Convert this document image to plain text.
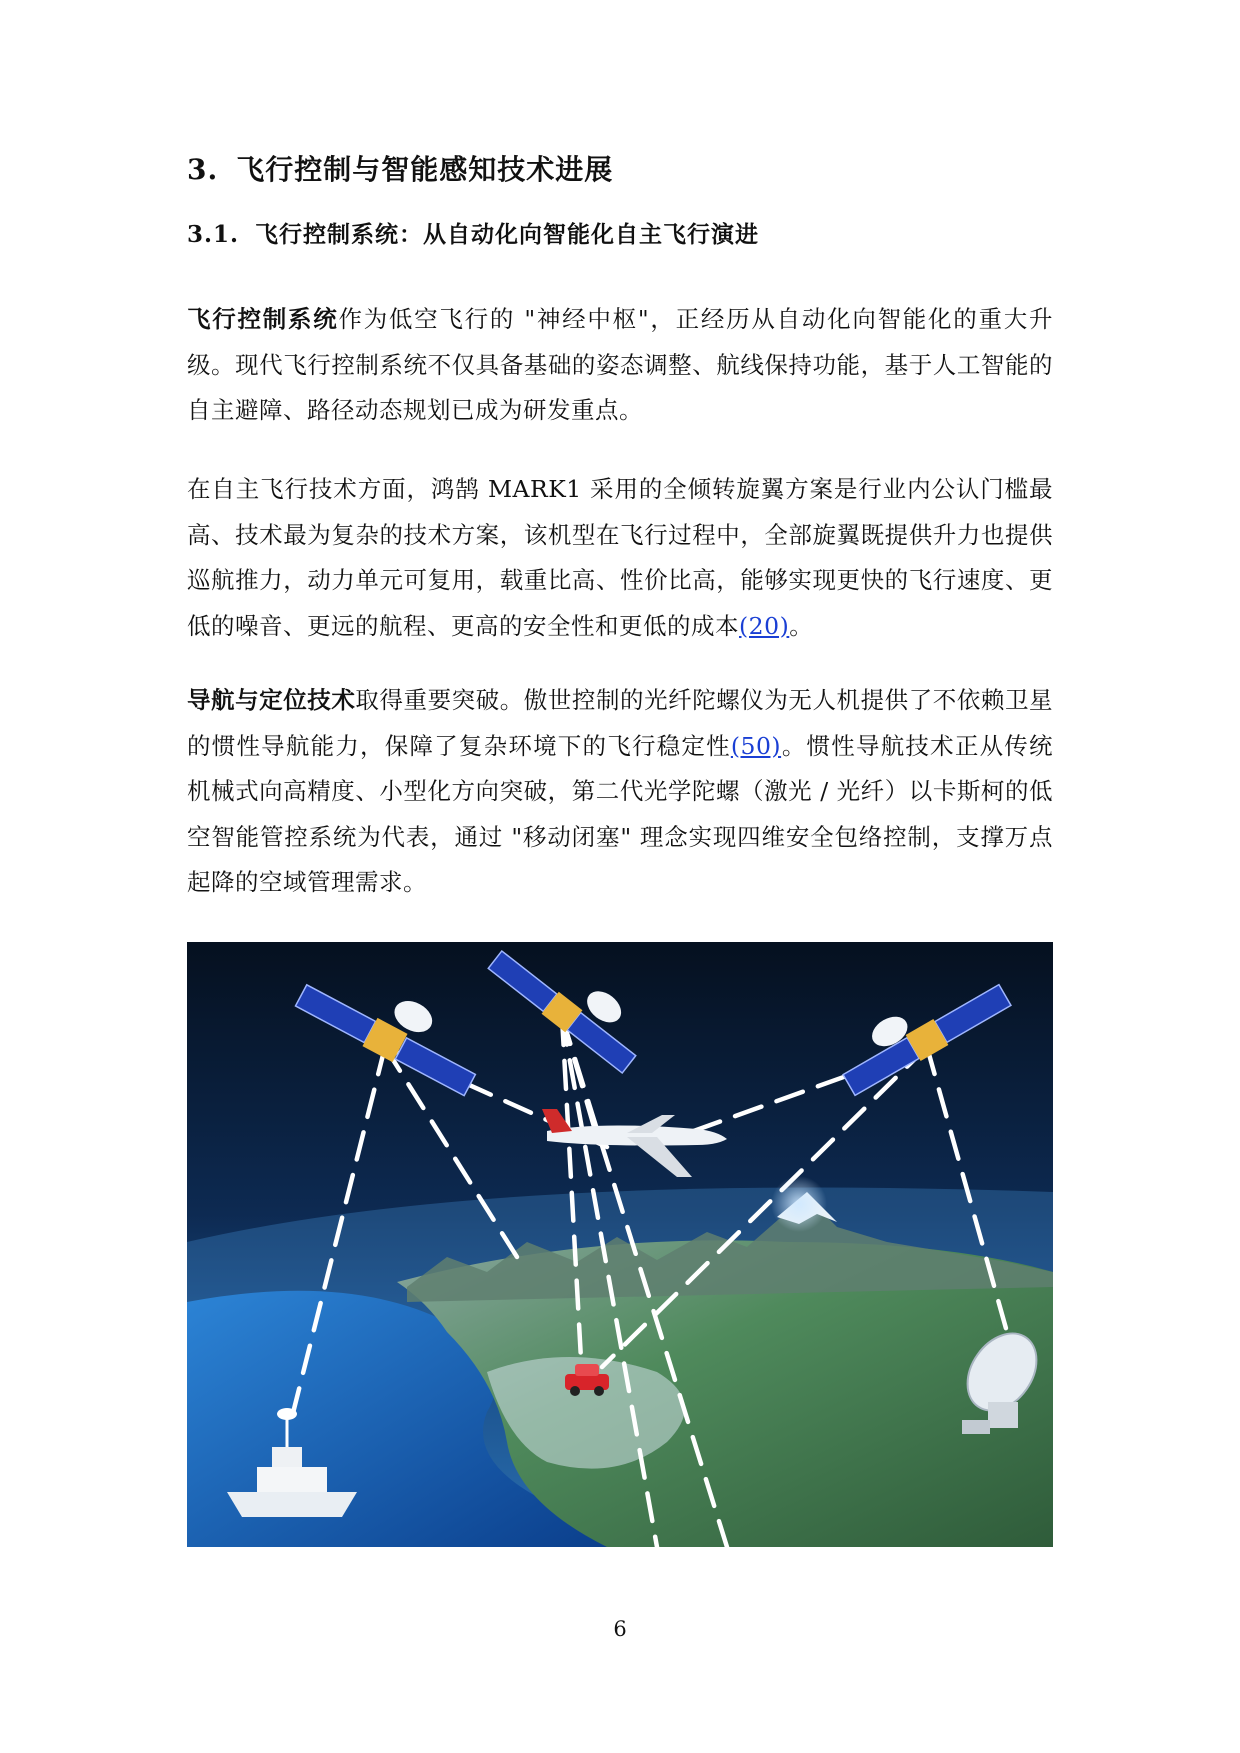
3. 飞行控制与智能感知技术进展
3.1. 飞行控制系统：从自动化向智能化自主飞行演进

飞行控制系统作为低空飞行的 "神经中枢"，正经历从自动化向智能化的重大升级。现代飞行控制系统不仅具备基础的姿态调整、航线保持功能，基于人工智能的自主避障、路径动态规划已成为研发重点。

在自主飞行技术方面，鸿鹄 MARK1 采用的全倾转旋翼方案是行业内公认门槛最高、技术最为复杂的技术方案，该机型在飞行过程中，全部旋翼既提供升力也提供巡航推力，动力单元可复用，载重比高、性价比高，能够实现更快的飞行速度、更低的噪音、更远的航程、更高的安全性和更低的成本(20)。

导航与定位技术取得重要突破。傲世控制的光纤陀螺仪为无人机提供了不依赖卫星的惯性导航能力，保障了复杂环境下的飞行稳定性(50)。惯性导航技术正从传统机械式向高精度、小型化方向突破，第二代光学陀螺（激光 / 光纤）以卡斯柯的低空智能管控系统为代表，通过 "移动闭塞" 理念实现四维安全包络控制，支撑万点起降的空域管理需求。

6
